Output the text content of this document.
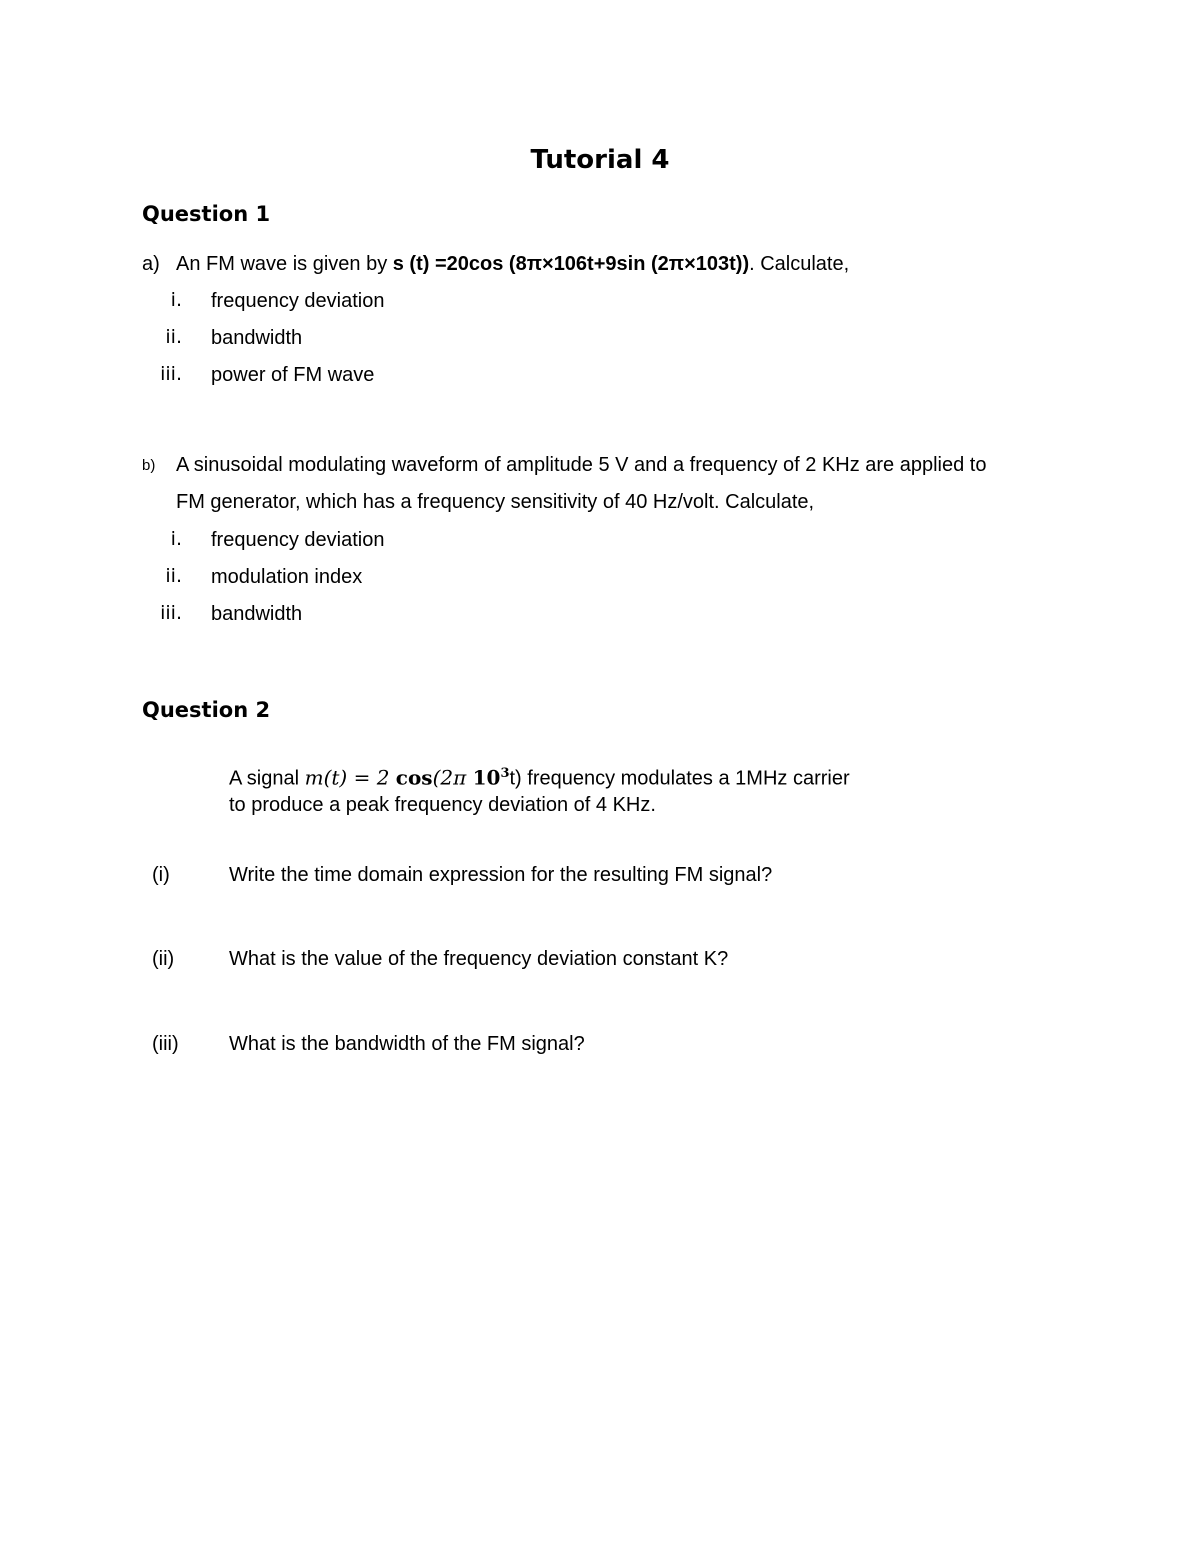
Tutorial 4
Question 1
a) An FM wave is given by s (t) =20cos (8π×106t+9sin (2π×103t)). Calculate,
i. frequency deviation
ii. bandwidth
iii. power of FM wave
b) A sinusoidal modulating waveform of amplitude 5 V and a frequency of 2 KHz are applied to
FM generator, which has a frequency sensitivity of 40 Hz/volt. Calculate,
i. frequency deviation
ii. modulation index
iii. bandwidth
Question 2
A signal m(t) = 2 cos(2π $10^3t$) frequency modulates a 1MHz carrier
to produce a peak frequency deviation of 4 KHz.
(i)	Write the time domain expression for the resulting FM signal?
(ii)	What is the value of the frequency deviation constant K?
(iii)	What is the bandwidth of the FM signal?
